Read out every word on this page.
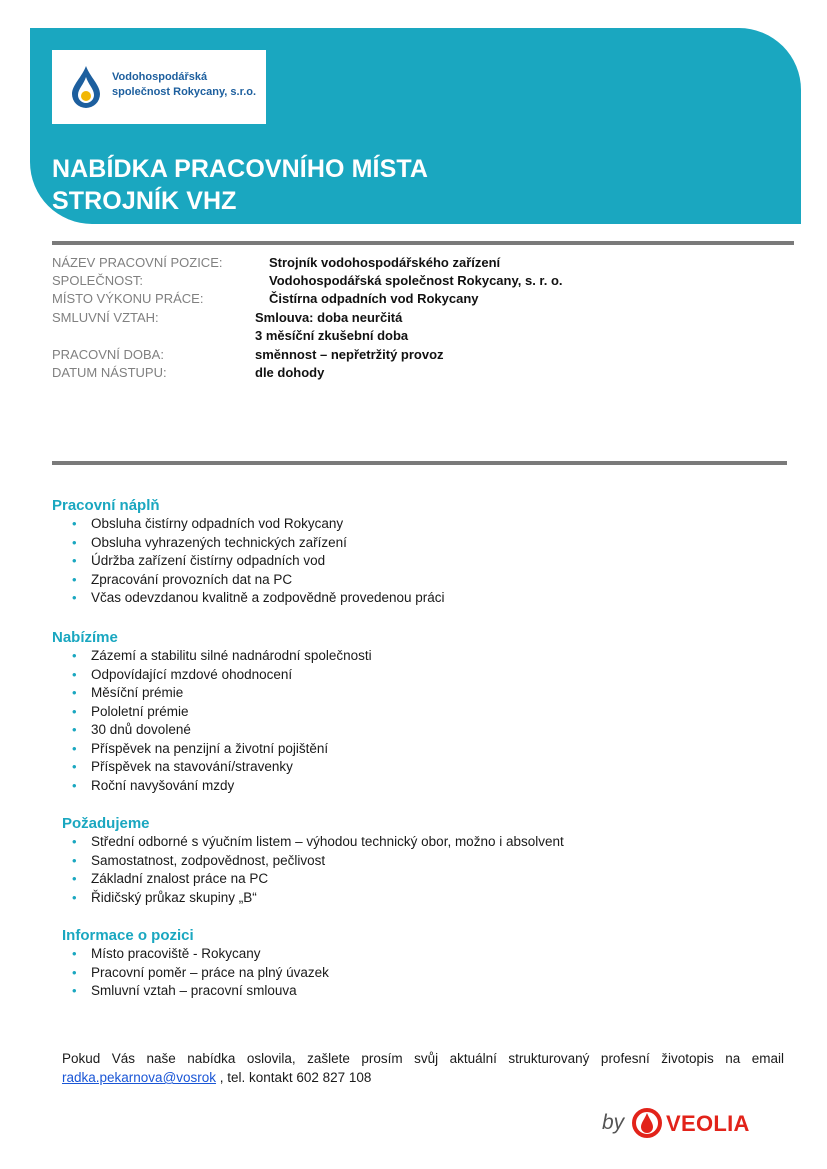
Vodohospodářská
společnost Rokycany, s.r.o.
NABÍDKA PRACOVNÍHO MÍSTA
STROJNÍK VHZ
NÁZEV PRACOVNÍ POZICE:	Strojník vodohospodářského zařízení
SPOLEČNOST:	Vodohospodářská společnost Rokycany, s. r. o.
MÍSTO VÝKONU PRÁCE:	Čistírna odpadních vod Rokycany
SMLUVNÍ VZTAH:	Smlouva: doba neurčitá
3 měsíční zkušební doba
PRACOVNÍ DOBA:	směnnost – nepřetržitý provoz
DATUM NÁSTUPU:	dle dohody
Pracovní náplň
• Obsluha čistírny odpadních vod Rokycany
• Obsluha vyhrazených technických zařízení
• Údržba zařízení čistírny odpadních vod
• Zpracování provozních dat na PC
• Včas odevzdanou kvalitně a zodpovědně provedenou práci
Nabízíme
• Zázemí a stabilitu silné nadnárodní společnosti
• Odpovídající mzdové ohodnocení
• Měsíční prémie
• Pololetní prémie
• 30 dnů dovolené
• Příspěvek na penzijní a životní pojištění
• Příspěvek na stavování/stravenky
• Roční navyšování mzdy
Požadujeme
• Střední odborné s výučním listem – výhodou technický obor, možno i absolvent
• Samostatnost, zodpovědnost, pečlivost
• Základní znalost práce na PC
• Řidičský průkaz skupiny „B“
Informace o pozici
• Místo pracoviště - Rokycany
• Pracovní poměr – práce na plný úvazek
• Smluvní vztah – pracovní smlouva
Pokud Vás naše nabídka oslovila, zašlete prosím svůj aktuální strukturovaný profesní životopis na email
radka.pekarnova@vosrok , tel. kontakt 602 827 108
by VEOLIA
